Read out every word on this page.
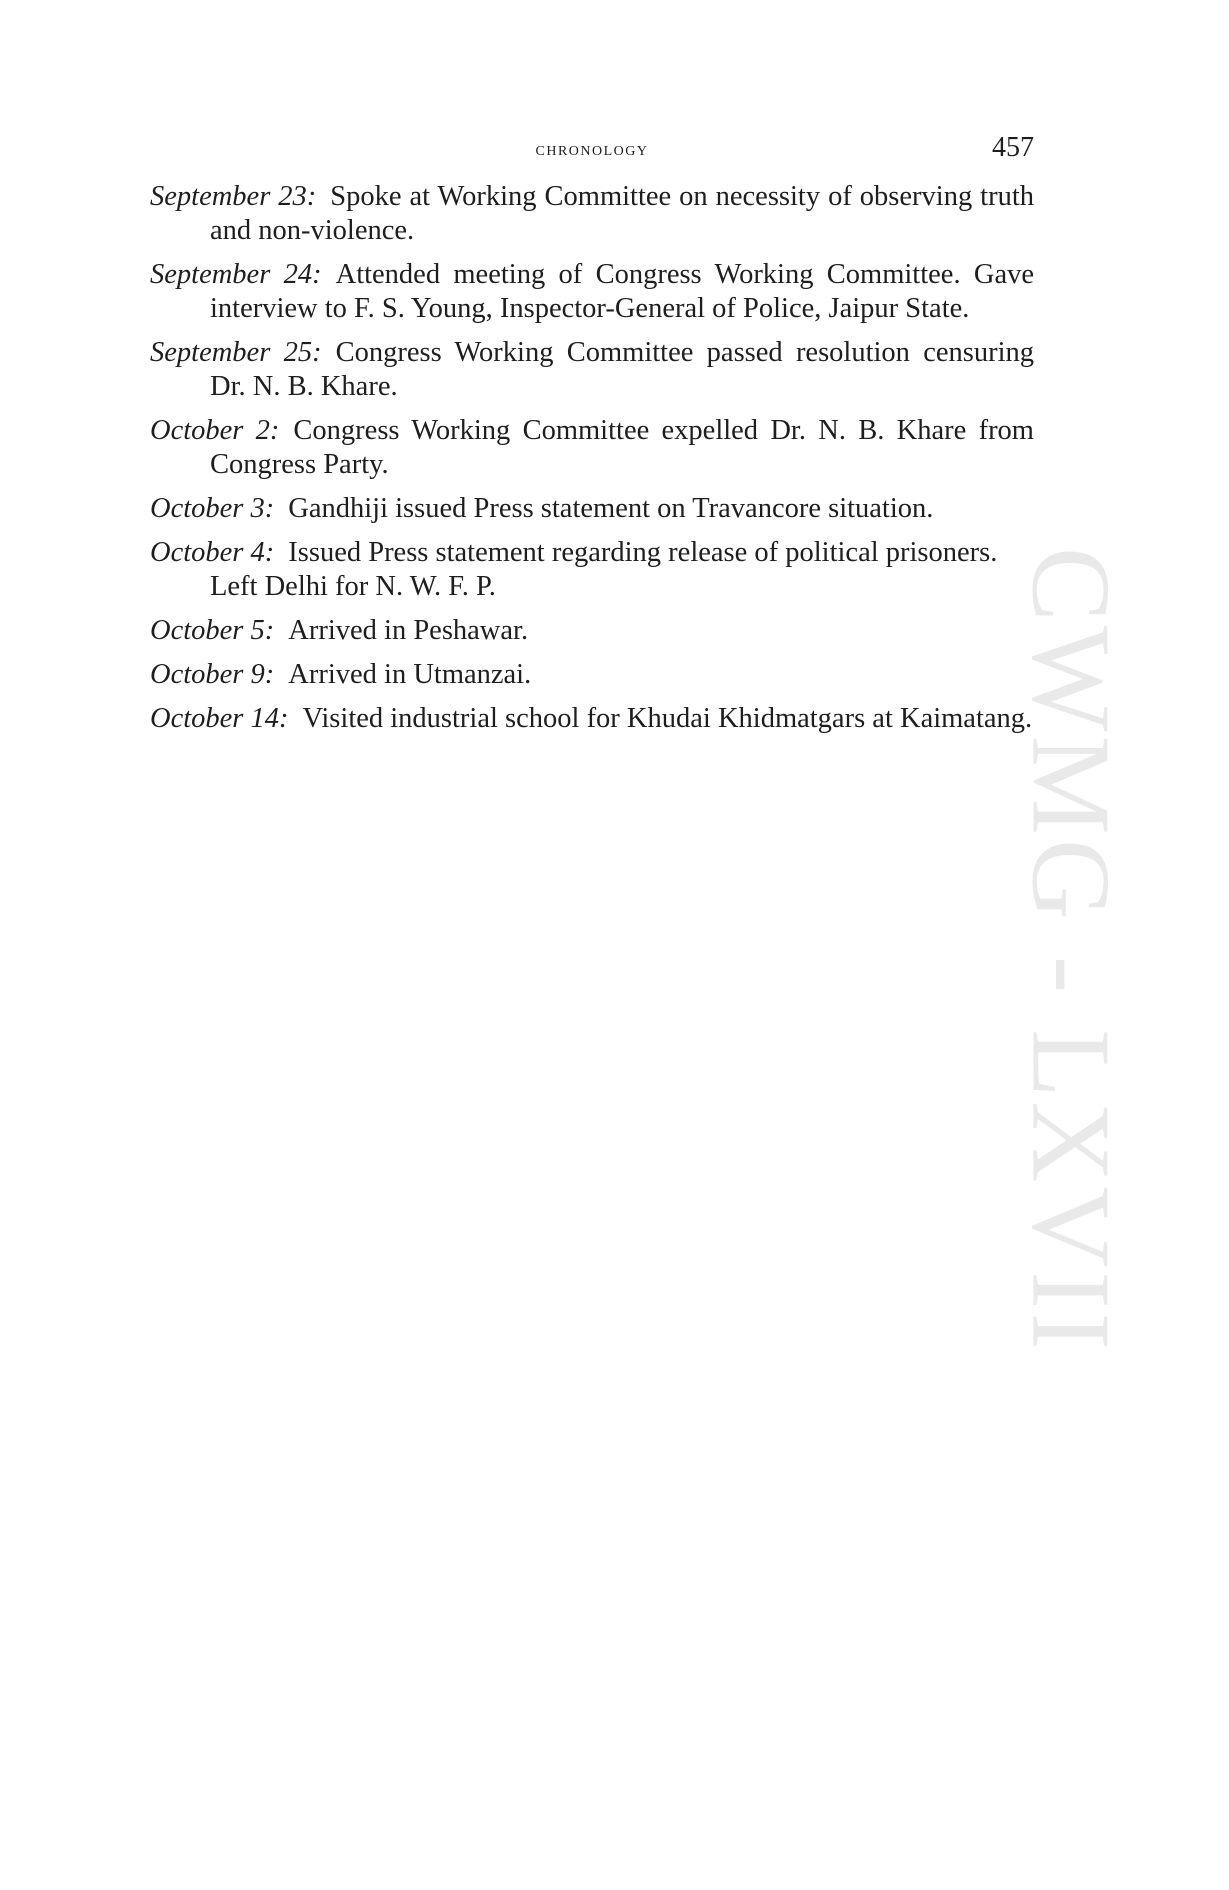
chronology	457

September 23: Spoke at Working Committee on necessity of observing truth and non-violence.

September 24: Attended meeting of Congress Working Committee. Gave interview to F. S. Young, Inspector-General of Police, Jaipur State.

September 25: Congress Working Committee passed resolution censuring Dr. N. B. Khare.

October 2: Congress Working Committee expelled Dr. N. B. Khare from Congress Party.

October 3: Gandhiji issued Press statement on Travancore situation.

October 4: Issued Press statement regarding release of political prisoners.

Left Delhi for N. W. F. P.

October 5: Arrived in Peshawar.

October 9: Arrived in Utmanzai.

October 14: Visited industrial school for Khudai Khidmatgars at Kaimatang.

CWMG - LXVII
